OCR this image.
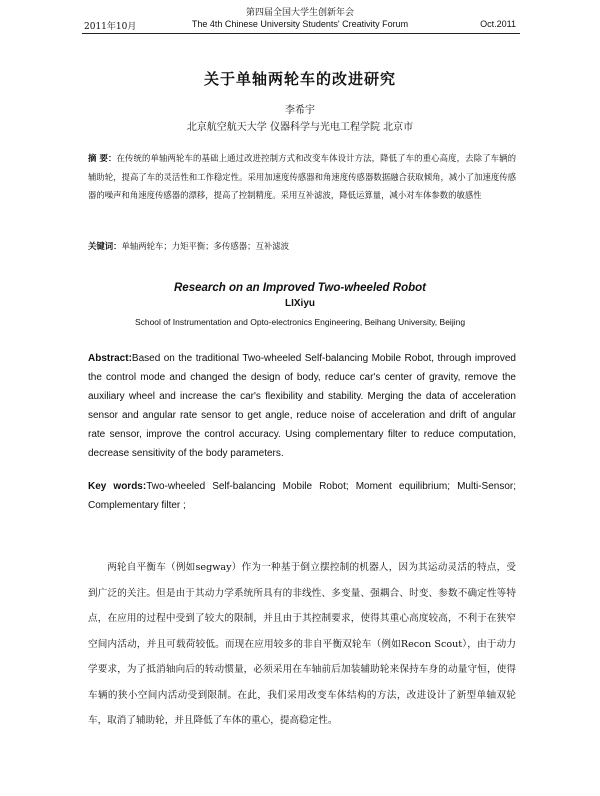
第四届全国大学生创新年会
2011年10月	The 4th Chinese University Students' Creativity Forum	Oct.2011
关于单轴两轮车的改进研究
李希宇
北京航空航天大学 仪器科学与光电工程学院 北京市
摘 要：在传统的单轴两轮车的基础上通过改进控制方式和改变车体设计方法，降低了车的重心高度，去除了车辆的辅助轮，提高了车的灵活性和工作稳定性。采用加速度传感器和角速度传感器数据融合获取倾角，减小了加速度传感器的噪声和角速度传感器的漂移，提高了控制精度。采用互补滤波，降低运算量，减小对车体参数的敏感性
关键词：单轴两轮车；力矩平衡；多传感器；互补滤波
Research on an Improved Two-wheeled Robot
LIXiyu
School of Instrumentation and Opto-electronics Engineering, Beihang University, Beijing
Abstract:Based on the traditional Two-wheeled Self-balancing Mobile Robot, through improved the control mode and changed the design of body, reduce car's center of gravity, remove the auxiliary wheel and increase the car's flexibility and stability. Merging the data of acceleration sensor and angular rate sensor to get angle, reduce noise of acceleration and drift of angular rate sensor, improve the control accuracy. Using complementary filter to reduce computation, decrease sensitivity of the body parameters.
Key words:Two-wheeled Self-balancing Mobile Robot; Moment equilibrium; Multi-Sensor; Complementary filter ;
两轮自平衡车（例如segway）作为一种基于倒立摆控制的机器人，因为其运动灵活的特点，受到广泛的关注。但是由于其动力学系统所具有的非线性、多变量、强耦合、时变、参数不确定性等特点，在应用的过程中受到了较大的限制，并且由于其控制要求，使得其重心高度较高，不利于在狭窄空间内活动，并且可载荷较低。而现在应用较多的非自平衡双轮车（例如Recon Scout），由于动力学要求，为了抵消轴向后的转动惯量，必须采用在车轴前后加装辅助轮来保持车身的动量守恒，使得车辆的狭小空间内活动受到限制。在此，我们采用改变车体结构的方法，改进设计了新型单轴双轮车，取消了辅助轮，并且降低了车体的重心，提高稳定性。
